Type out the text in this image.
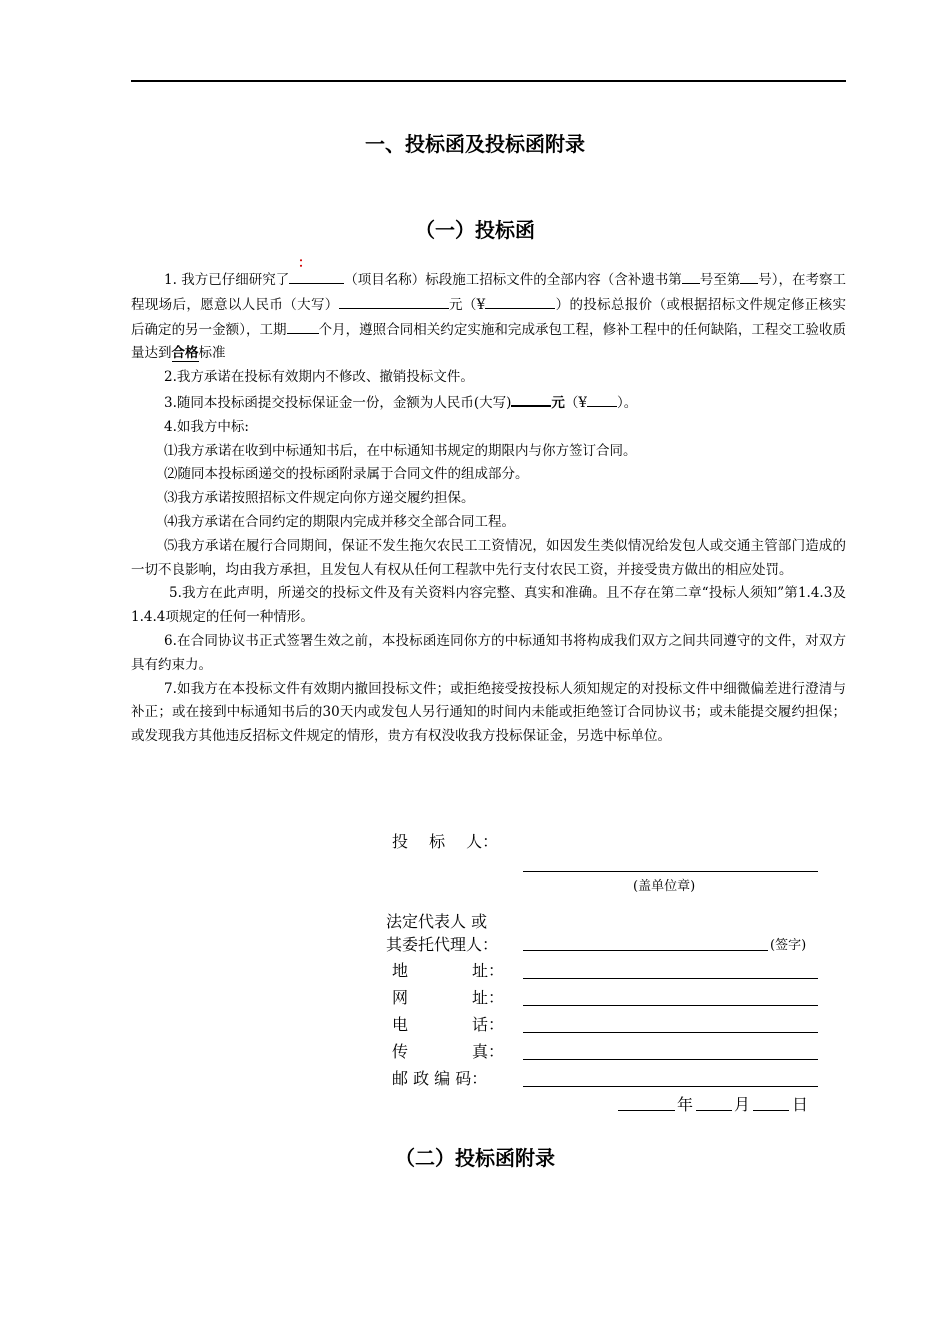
一、投标函及投标函附录
（一）投标函
：

1. 我方已仔细研究了	（项目名称）标段施工招标文件的全部内容（含补遗书第 号至第 号），在考察工程现场后，愿意以人民币（大写）	元（¥	）的投标总报价（或根据招标文件规定修正核实后确定的另一金额），工期 个月，遵照合同相关约定实施和完成承包工程，修补工程中的任何缺陷，工程交工验收质量达到合格标准

2.我方承诺在投标有效期内不修改、撤销投标文件。

3.随同本投标函提交投标保证金一份，金额为人民币(大写)	元（¥ ）。

4.如我方中标:

⑴我方承诺在收到中标通知书后，在中标通知书规定的期限内与你方签订合同。

⑵随同本投标函递交的投标函附录属于合同文件的组成部分。

⑶我方承诺按照招标文件规定向你方递交履约担保。

⑷我方承诺在合同约定的期限内完成并移交全部合同工程。

⑸我方承诺在履行合同期间，保证不发生拖欠农民工工资情况，如因发生类似情况给发包人或交通主管部门造成的一切不良影响，均由我方承担，且发包人有权从任何工程款中先行支付农民工资，并接受贵方做出的相应处罚。

5.我方在此声明，所递交的投标文件及有关资料内容完整、真实和准确。且不存在第二章“投标人须知”第1.4.3及1.4.4项规定的任何一种情形。

6.在合同协议书正式签署生效之前，本投标函连同你方的中标通知书将构成我们双方之间共同遵守的文件，对双方具有约束力。

7.如我方在本投标文件有效期内撤回投标文件；或拒绝接受按投标人须知规定的对投标文件中细微偏差进行澄清与补正；或在接到中标通知书后的30天内或发包人另行通知的时间内未能或拒绝签订合同协议书；或未能提交履约担保；或发现我方其他违反招标文件规定的情形，贵方有权没收我方投标保证金，另选中标单位。

投　 标　 人：
(盖单位章)
法定代表人 或
其委托代理人：	(签字)
地　　　　址：
网　　　　址：
电　　　　话：
传　　　　真：
邮 政 编 码：
年	月	日
（二）投标函附录
